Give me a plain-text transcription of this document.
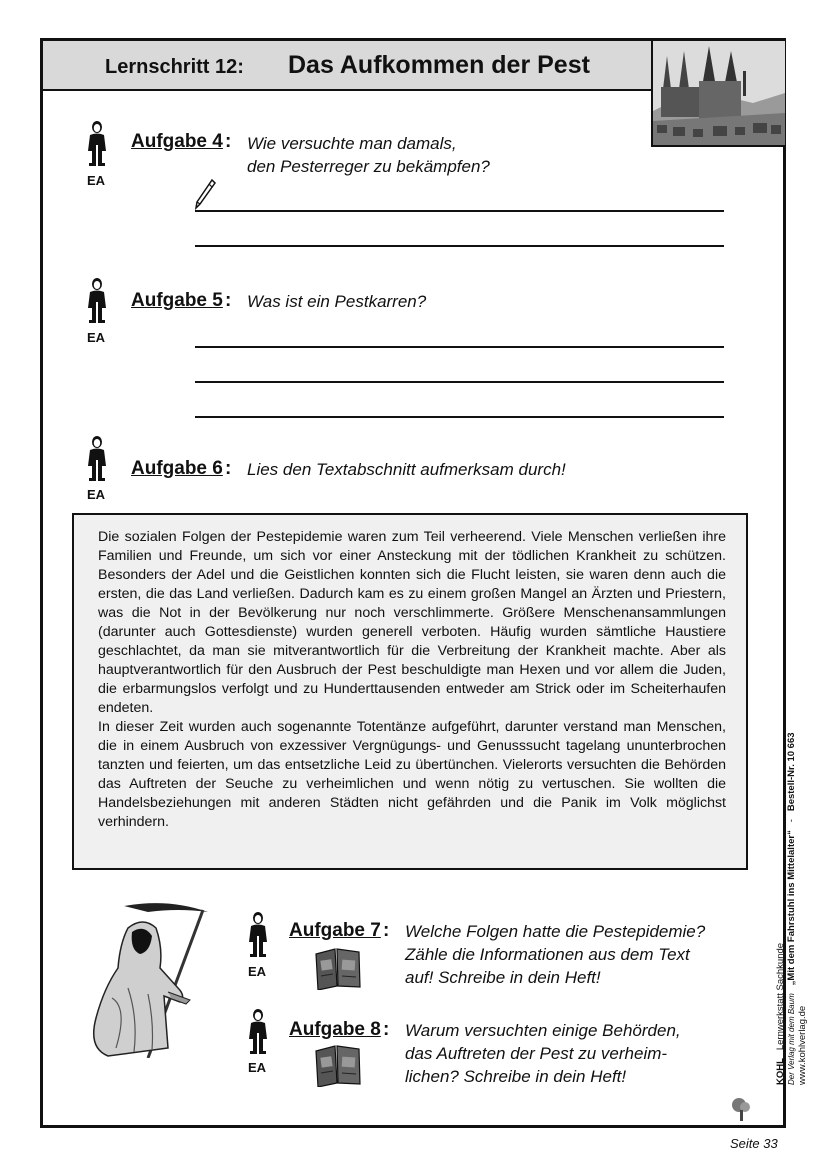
Lernschritt 12: Das Aufkommen der Pest
EA
Aufgabe 4 : Wie versuchte man damals,
den Pesterreger zu bekämpfen?
EA
Aufgabe 5 : Was ist ein Pestkarren?
EA
Aufgabe 6 : Lies den Textabschnitt aufmerksam durch!

Die sozialen Folgen der Pestepidemie waren zum Teil verheerend. Viele Menschen verließen ihre Familien und Freunde, um sich vor einer Ansteckung mit der tödlichen Krankheit zu schützen. Besonders der Adel und die Geistlichen konnten sich die Flucht leisten, sie waren denn auch die ersten, die das Land verließen. Dadurch kam es zu einem großen Mangel an Ärzten und Priestern, was die Not in der Bevölkerung nur noch verschlimmerte. Größere Menschenansammlungen (darunter auch Gottesdienste) wurden generell verboten. Häufig wurden sämtliche Haustiere geschlachtet, da man sie mitverantwortlich für die Verbreitung der Krankheit machte. Aber als hauptverantwortlich für den Ausbruch der Pest beschuldigte man Hexen und vor allem die Juden, die erbarmungslos verfolgt und zu Hunderttausenden entweder am Strick oder im Scheiterhaufen endeten.

In dieser Zeit wurden auch sogenannte Totentänze aufgeführt, darunter verstand man Menschen, die in einem Ausbruch von exzessiver Vergnügungs- und Genusssucht tagelang ununterbrochen tanzten und feierten, um das entsetzliche Leid zu übertünchen. Vielerorts versuchten die Behörden das Auftreten der Seuche zu verheimlichen und wenn nötig zu vertuschen. Sie wollten die Handelsbeziehungen mit anderen Städten nicht gefährden und die Panik im Volk möglichst verhindern.

EA
Aufgabe 7 : Welche Folgen hatte die Pestepidemie?
Zähle die Informationen aus dem Text
auf! Schreibe in dein Heft!
EA
Aufgabe 8 : Warum versuchten einige Behörden,
das Auftreten der Pest zu verheim-
lichen? Schreibe in dein Heft!	KOHL   Lernwerkstatt Sachkunde Der Verlag mit dem Baum   „Mit dem Fahrstuhl ins Mittelalter“   -   Bestell-Nr. 10 663
www.kohlverlag.de
Seite 33
